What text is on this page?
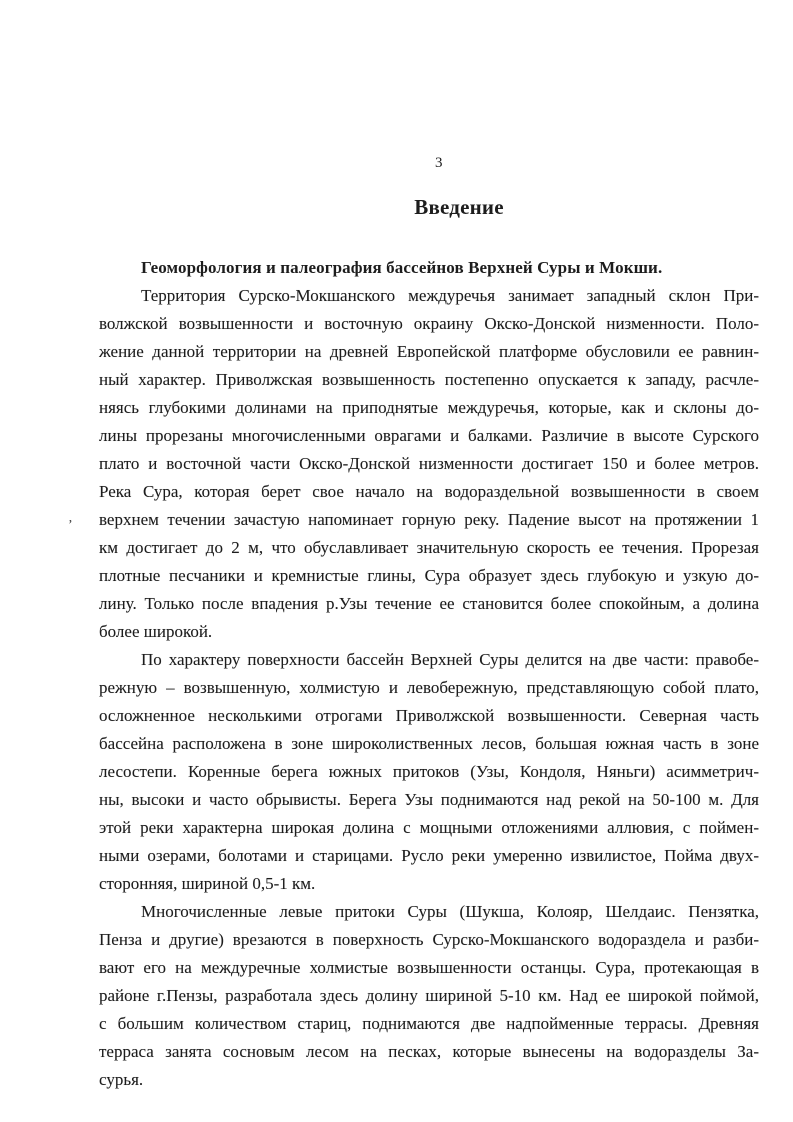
’
3
Введение

Геоморфология и палеография бассейнов Верхней Суры и Мокши.

Территория Сурско-Мокшанского междуречья занимает западный склон При-
волжской возвышенности и восточную окраину Окско-Донской низменности. Поло-
жение данной территории на древней Европейской платформе обусловили ее равнин-
ный характер. Приволжская возвышенность постепенно опускается к западу, расчле-
няясь глубокими долинами на приподнятые междуречья, которые, как и склоны до-
лины прорезаны многочисленными оврагами и балками. Различие в высоте Сурского
плато и восточной части Окско-Донской низменности достигает 150 и более метров.
Река Сура, которая берет свое начало на водораздельной возвышенности в своем
верхнем течении зачастую напоминает горную реку. Падение высот на протяжении 1
км достигает до 2 м, что обуславливает значительную скорость ее течения. Прорезая
плотные песчаники и кремнистые глины, Сура образует здесь глубокую и узкую до-
лину. Только после впадения р.Узы течение ее становится более спокойным, а долина
более широкой.
По характеру поверхности бассейн Верхней Суры делится на две части: правобе-
режную – возвышенную, холмистую и левобережную, представляющую собой плато,
осложненное несколькими отрогами Приволжской возвышенности. Северная часть
бассейна расположена в зоне широколиственных лесов, большая южная часть в зоне
лесостепи. Коренные берега южных притоков (Узы, Кондоля, Няньги) асимметрич-
ны, высоки и часто обрывисты. Берега Узы поднимаются над рекой на 50-100 м. Для
этой реки характерна широкая долина с мощными отложениями аллювия, с поймен-
ными озерами, болотами и старицами. Русло реки умеренно извилистое, Пойма двух-
сторонняя, шириной 0,5-1 км.
Многочисленные левые притоки Суры (Шукша, Колояр, Шелдаис. Пензятка,
Пенза и другие) врезаются в поверхность Сурско-Мокшанского водораздела и разби-
вают его на междуречные холмистые возвышенности останцы. Сура, протекающая в
районе г.Пензы, разработала здесь долину шириной 5-10 км. Над ее широкой поймой,
с большим количеством стариц, поднимаются две надпойменные террасы. Древняя
терраса занята сосновым лесом на песках, которые вынесены на водоразделы За-
сурья.
